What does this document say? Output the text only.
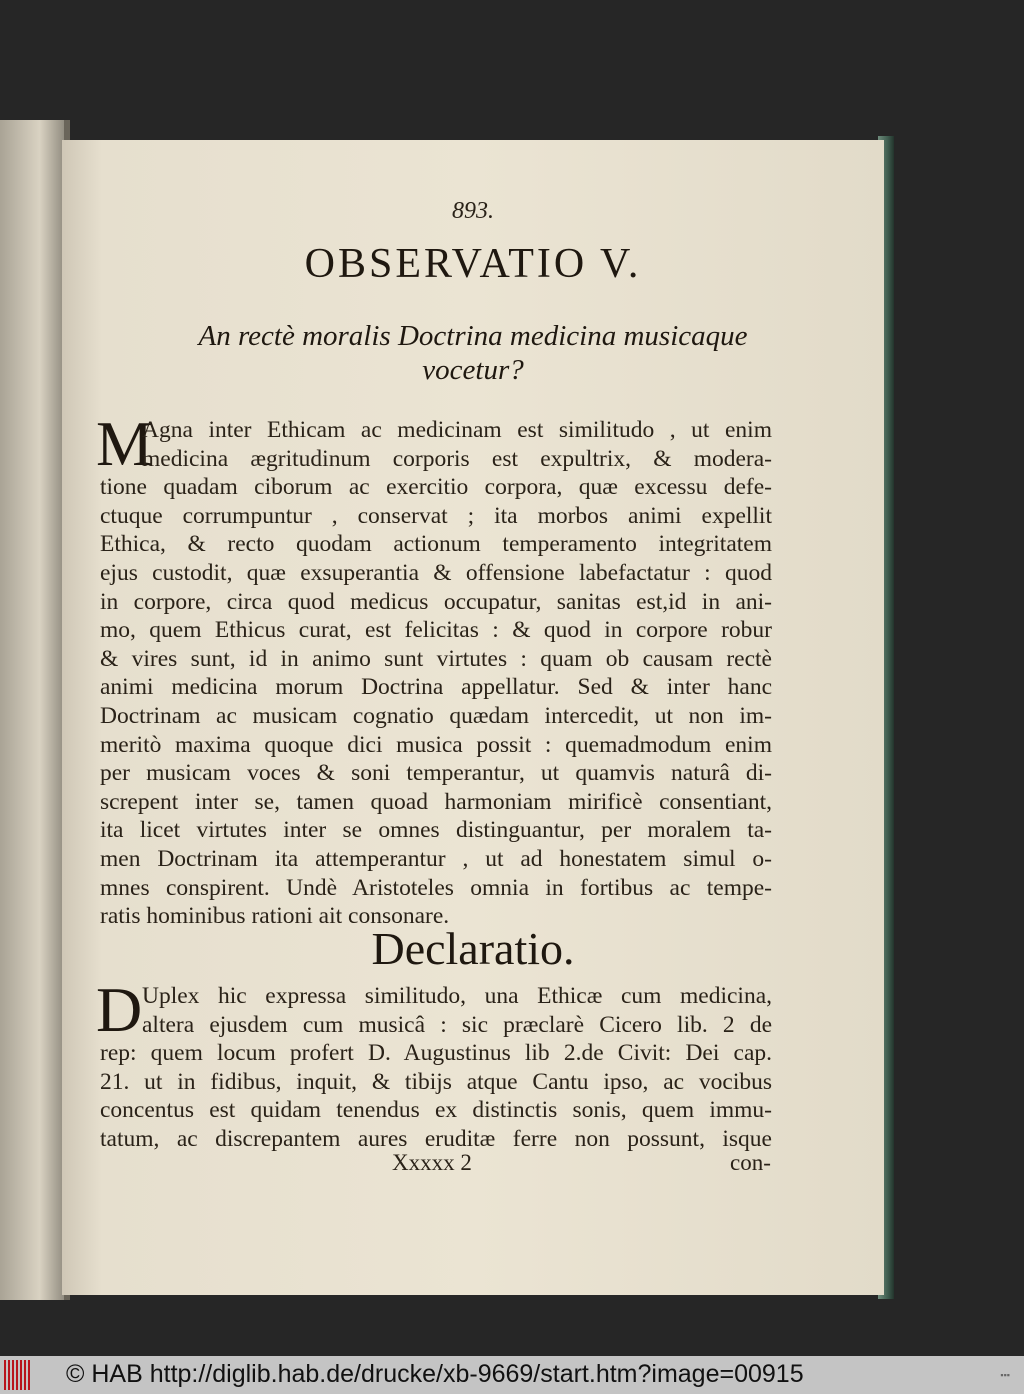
893.
OBSERVATIO V.
An rectè moralis Doctrina medicina musicaque
vocetur?
M
Agna inter Ethicam ac medicinam est similitudo , ut enim
medicina ægritudinum corporis est expultrix, & modera-
tione quadam ciborum ac exercitio corpora, quæ excessu defe-
ctuque corrumpuntur , conservat ; ita morbos animi expellit
Ethica, & recto quodam actionum temperamento integritatem
ejus custodit, quæ exsuperantia & offensione labefactatur : quod
in corpore, circa quod medicus occupatur, sanitas est,id in ani-
mo, quem Ethicus curat, est felicitas : & quod in corpore robur
& vires sunt, id in animo sunt virtutes : quam ob causam rectè
animi medicina morum Doctrina appellatur. Sed & inter hanc
Doctrinam ac musicam cognatio quædam intercedit, ut non im-
meritò maxima quoque dici musica possit : quemadmodum enim
per musicam voces & soni temperantur, ut quamvis naturâ di-
screpent inter se, tamen quoad harmoniam mirificè consentiant,
ita licet virtutes inter se omnes distinguantur, per moralem ta-
men Doctrinam ita attemperantur , ut ad honestatem simul o-
mnes conspirent. Undè Aristoteles omnia in fortibus ac tempe-
ratis hominibus rationi ait consonare.
Declaratio.
D Uplex hic expressa similitudo, una Ethicæ cum medicina,
altera ejusdem cum musicâ : sic præclarè Cicero lib. 2 de
rep: quem locum profert D. Augustinus lib 2.de Civit: Dei cap.
21. ut in fidibus, inquit, & tibijs atque Cantu ipso, ac vocibus
concentus est quidam tenendus ex distinctis sonis, quem immu-
tatum, ac discrepantem aures eruditæ ferre non possunt, isque
Xxxxx 2	con-
© HAB http://diglib.hab.de/drucke/xb-9669/start.htm?image=00915	▪▪▪
